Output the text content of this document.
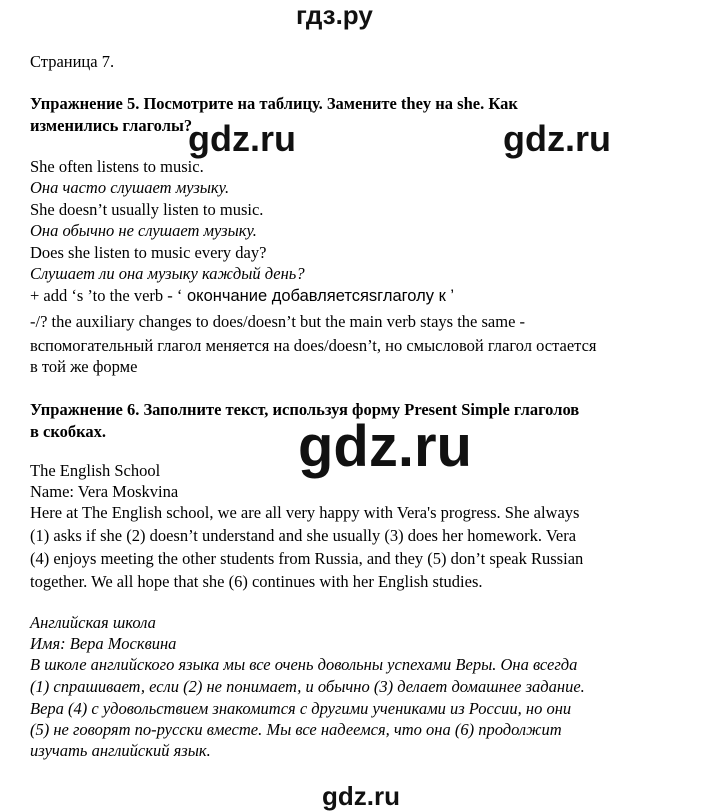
гдз.ру
gdz.ru	gdz.ru
gdz.ru
gdz.ru
Страница 7.
Упражнение 5. Посмотрите на таблицу. Замените they на she. Как
изменились глаголы?
She often listens to music.
Она часто слушает музыку.
She doesn’t usually listen to music.
Она обычно не слушает музыку.
Does she listen to music every day?
Слушает ли она музыку каждый день?
+ add ‘s ’to the verb - ‘ окончание добавляетсяsглаголу к ’
-/? the auxiliary changes to does/doesn’t but the main verb stays the same -
вспомогательный глагол меняется на does/doesn’t, но смысловой глагол остается
в той же форме
Упражнение 6. Заполните текст, используя форму Present Simple глаголов
в скобках.
The English School
Name: Vera Moskvina
Here at The English school, we are all very happy with Vera's progress. She always
(1) asks if she (2) doesn’t understand and she usually (3) does her homework. Vera
(4) enjoys meeting the other students from Russia, and they (5) don’t speak Russian
together. We all hope that she (6) continues with her English studies.
Английская школа
Имя: Вера Москвина
В школе английского языка мы все очень довольны успехами Веры. Она всегда
(1) спрашивает, если (2) не понимает, и обычно (3) делает домашнее задание.
Вера (4) с удовольствием знакомится с другими учениками из России, но они
(5) не говорят по-русски вместе. Мы все надеемся, что она (6) продолжит
изучать английский язык.
